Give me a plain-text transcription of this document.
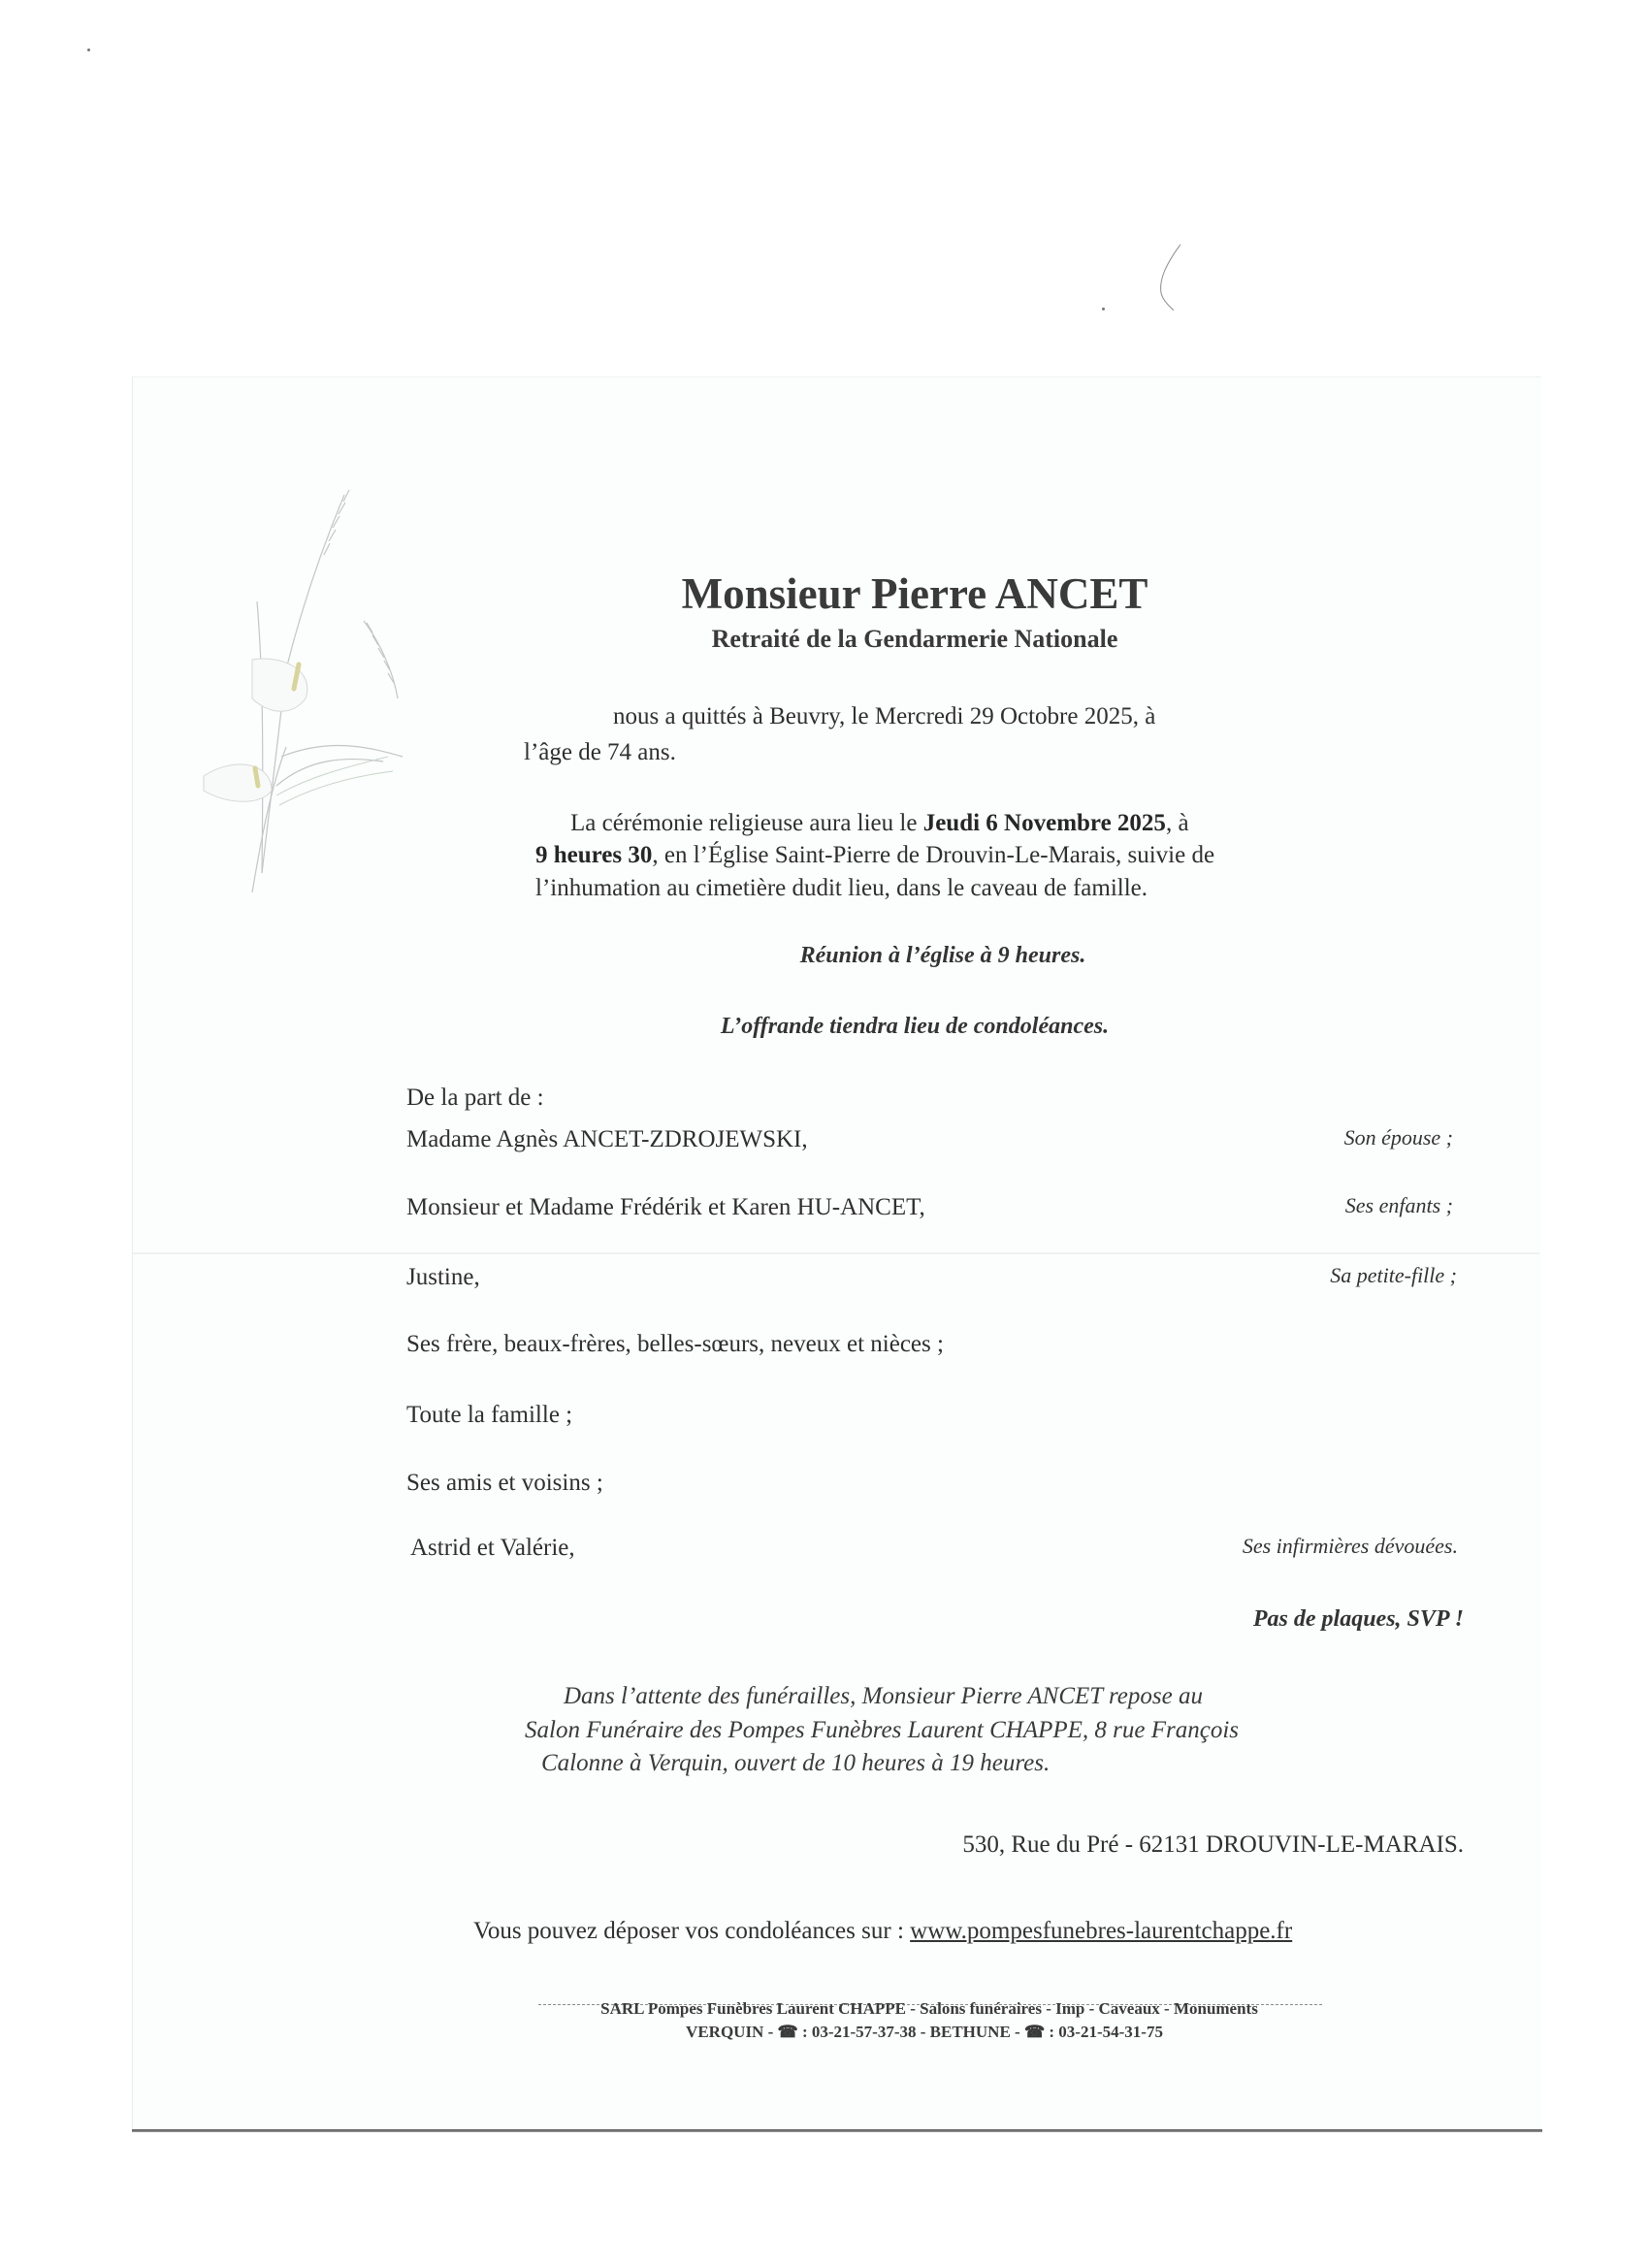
Monsieur Pierre ANCET
Retraité de la Gendarmerie Nationale
nous a quittés à Beuvry, le Mercredi 29 Octobre 2025, à
l’âge de 74 ans.
La cérémonie religieuse aura lieu le Jeudi 6 Novembre 2025, à
9 heures 30, en l’Église Saint-Pierre de Drouvin-Le-Marais, suivie de
l’inhumation au cimetière dudit lieu, dans le caveau de famille.
Réunion à l’église à 9 heures.
L’offrande tiendra lieu de condoléances.
De la part de :
Madame Agnès ANCET-ZDROJEWSKI,	Son épouse ;
Monsieur et Madame Frédérik et Karen HU-ANCET,	Ses enfants ;
Justine,	Sa petite-fille ;
Ses frère, beaux-frères, belles-sœurs, neveux et nièces ;
Toute la famille ;
Ses amis et voisins ;
Astrid et Valérie,	Ses infirmières dévouées.
Pas de plaques, SVP !
Dans l’attente des funérailles, Monsieur Pierre ANCET repose au
Salon Funéraire des Pompes Funèbres Laurent CHAPPE, 8 rue François
Calonne à Verquin, ouvert de 10 heures à 19 heures.
530, Rue du Pré - 62131 DROUVIN-LE-MARAIS.
Vous pouvez déposer vos condoléances sur : www.pompesfunebres-laurentchappe.fr
SARL Pompes Funèbres Laurent CHAPPE - Salons funéraires - Imp - Caveaux - Monuments
VERQUIN - ☎ : 03-21-57-37-38 - BETHUNE - ☎ : 03-21-54-31-75
